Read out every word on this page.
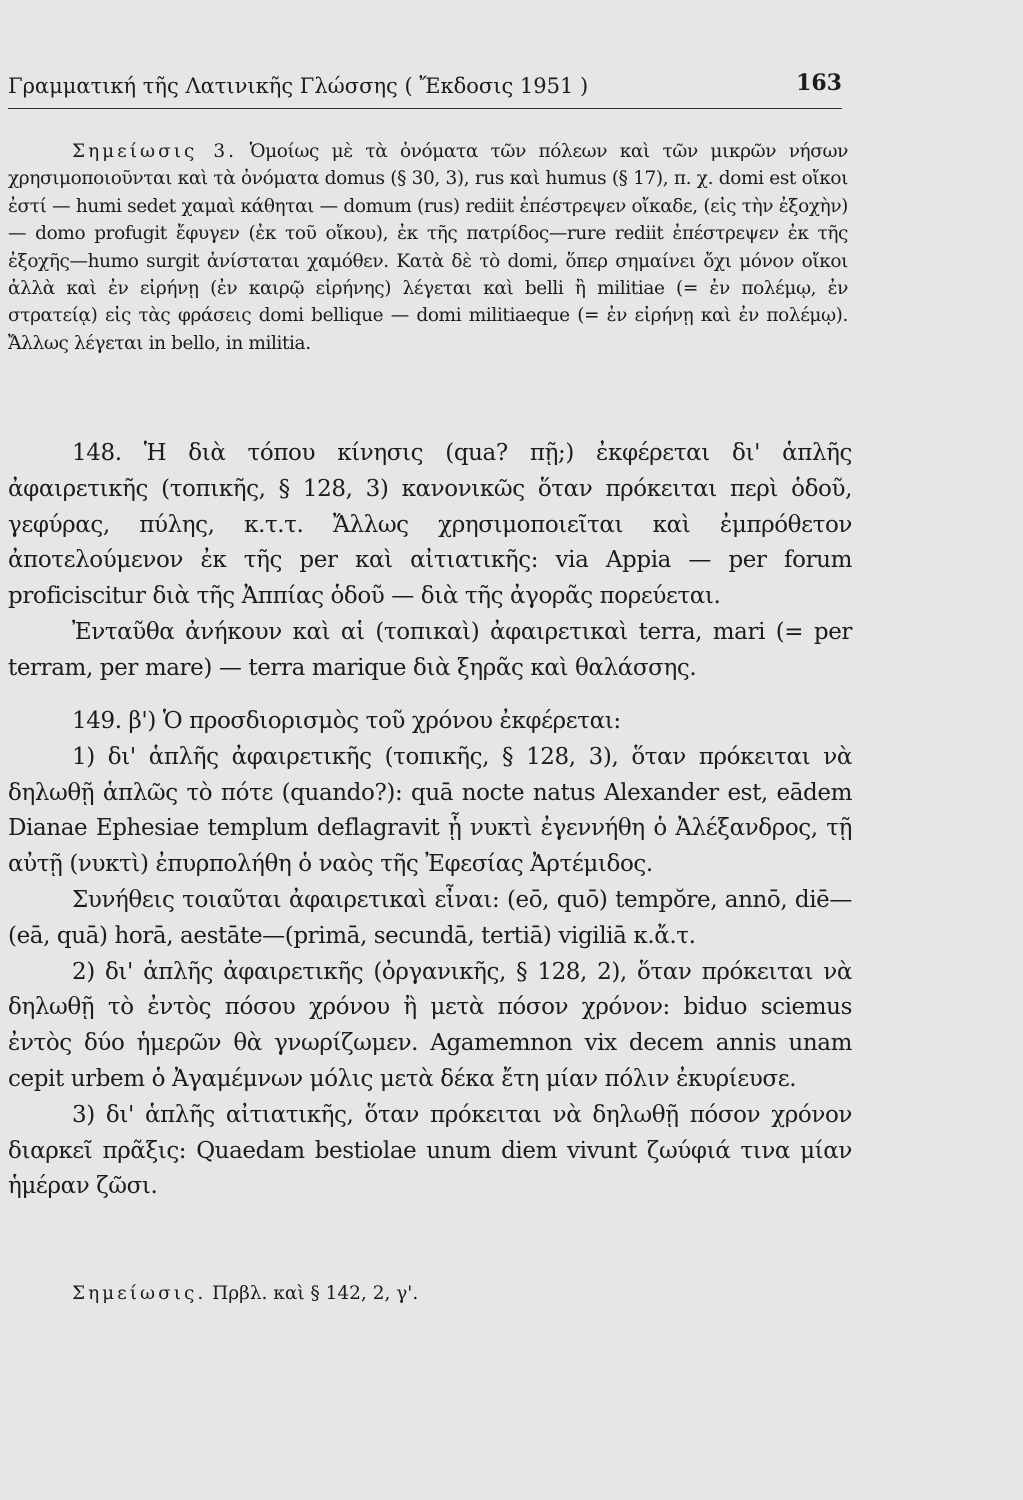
Γραμματική τῆς Λατινικῆς Γλώσσης ( Ἔκδοσις 1951 )	163

Σημείωσις 3. Ὁμοίως μὲ τὰ ὀνόματα τῶν πόλεων καὶ τῶν μικρῶν νήσων χρησιμοποιοῦνται καὶ τὰ ὀνόματα domus (§ 30, 3), rus καὶ humus (§ 17), π. χ. domi est οἴκοι ἐστί — humi sedet χαμαὶ κάθηται — domum (rus) rediit ἐπέστρεψεν οἴκαδε, (εἰς τὴν ἐξοχὴν) — domo profugit ἔφυγεν (ἐκ τοῦ οἴκου), ἐκ τῆς πατρίδος—rure rediit ἐπέστρεψεν ἐκ τῆς ἐξοχῆς—humo surgit ἀνίσταται χαμόθεν. Κατὰ δὲ τὸ domi, ὅπερ σημαίνει ὄχι μόνον οἴκοι ἀλλὰ καὶ ἐν εἰρήνῃ (ἐν καιρῷ εἰρήνης) λέγεται καὶ belli ἢ militiae (= ἐν πολέμῳ, ἐν στρατείᾳ) εἰς τὰς φράσεις domi bellique — domi militiaeque (= ἐν εἰρήνῃ καὶ ἐν πολέμῳ). Ἄλλως λέγεται in bello, in militia.

148. Ἡ διὰ τόπου κίνησις (qua? πῇ;) ἐκφέρεται δι' ἁπλῆς ἀφαιρετικῆς (τοπικῆς, § 128, 3) κανονικῶς ὅταν πρόκειται περὶ ὁδοῦ, γεφύρας, πύλης, κ.τ.τ. Ἄλλως χρησιμοποιεῖται καὶ ἐμπρόθετον ἀποτελούμενον ἐκ τῆς per καὶ αἰτιατικῆς: via Appia — per forum proficiscitur διὰ τῆς Ἀππίας ὁδοῦ — διὰ τῆς ἀγορᾶς πορεύεται.

Ἐνταῦθα ἀνήκουν καὶ αἱ (τοπικαὶ) ἀφαιρετικαὶ terra, mari (= per terram, per mare) — terra marique διὰ ξηρᾶς καὶ θαλάσσης.

149. β') Ὁ προσδιορισμὸς τοῦ χρόνου ἐκφέρεται:

1) δι' ἁπλῆς ἀφαιρετικῆς (τοπικῆς, § 128, 3), ὅταν πρόκειται νὰ δηλωθῇ ἁπλῶς τὸ πότε (quando?): quā nocte natus Alexander est, eādem Dianae Ephesiae templum deflagravit ᾗ νυκτὶ ἐγεννήθη ὁ Ἀλέξανδρος, τῇ αὐτῇ (νυκτὶ) ἐπυρπολήθη ὁ ναὸς τῆς Ἐφεσίας Ἀρτέμιδος.

Συνήθεις τοιαῦται ἀφαιρετικαὶ εἶναι: (eō, quō) tempŏre, annō, diē—(eā, quā) horā, aestāte—(primā, secundā, tertiā) vigiliā κ.ἄ.τ.

2) δι' ἁπλῆς ἀφαιρετικῆς (ὀργανικῆς, § 128, 2), ὅταν πρόκειται νὰ δηλωθῇ τὸ ἐντὸς πόσου χρόνου ἢ μετὰ πόσον χρόνον: biduo sciemus ἐντὸς δύο ἡμερῶν θὰ γνωρίζωμεν. Agamemnon vix decem annis unam cepit urbem ὁ Ἀγαμέμνων μόλις μετὰ δέκα ἔτη μίαν πόλιν ἐκυρίευσε.

3) δι' ἁπλῆς αἰτιατικῆς, ὅταν πρόκειται νὰ δηλωθῇ πόσον χρόνον διαρκεῖ πρᾶξις: Quaedam bestiolae unum diem vivunt ζωύφιά τινα μίαν ἡμέραν ζῶσι.

Σημείωσις. Πρβλ. καὶ § 142, 2, γ'.
